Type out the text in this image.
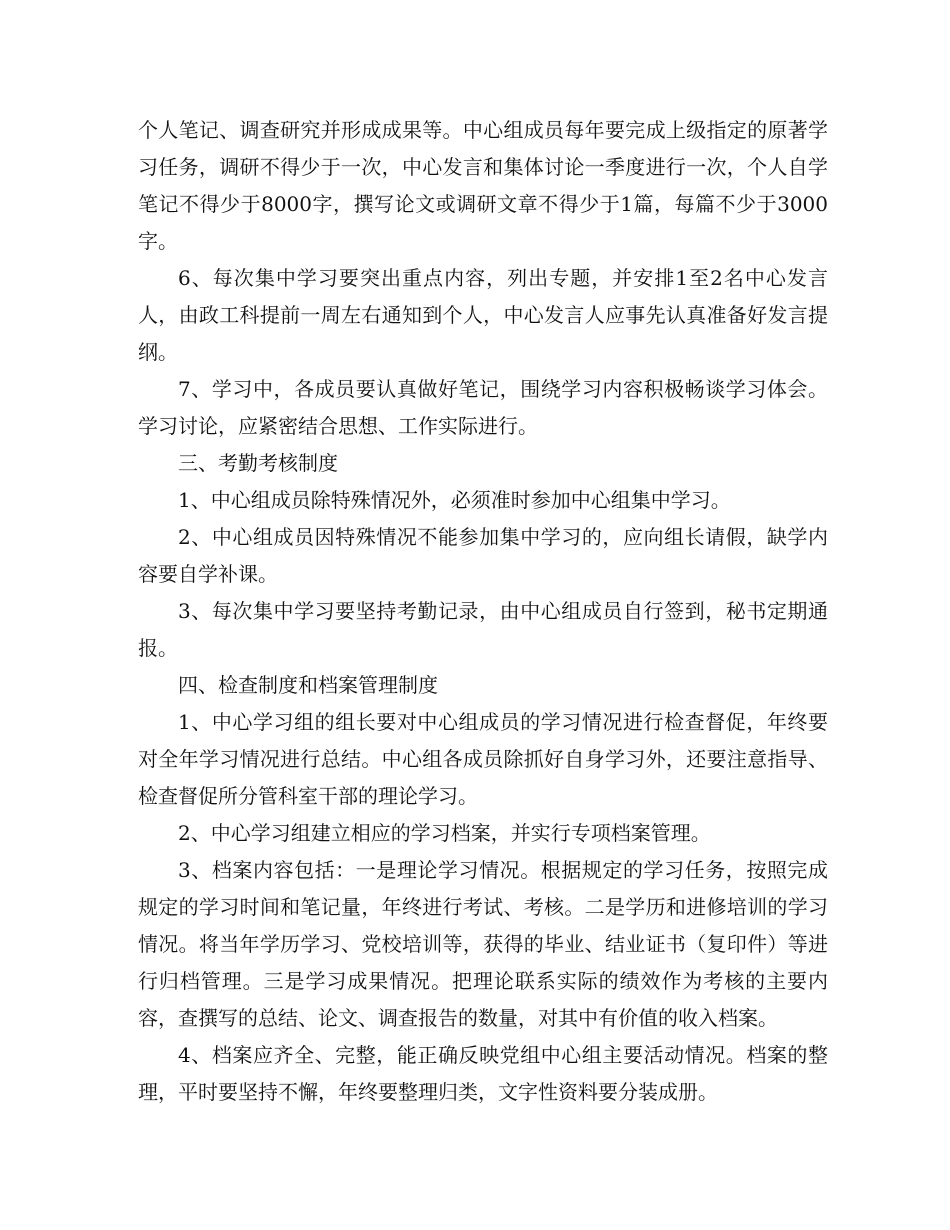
个人笔记、调查研究并形成成果等。中心组成员每年要完成上级指定的原著学习任务，调研不得少于一次，中心发言和集体讨论一季度进行一次，个人自学笔记不得少于8000字，撰写论文或调研文章不得少于1篇，每篇不少于3000字。

6、每次集中学习要突出重点内容，列出专题，并安排1至2名中心发言人，由政工科提前一周左右通知到个人，中心发言人应事先认真准备好发言提纲。

7、学习中，各成员要认真做好笔记，围绕学习内容积极畅谈学习体会。学习讨论，应紧密结合思想、工作实际进行。

三、考勤考核制度

1、中心组成员除特殊情况外，必须准时参加中心组集中学习。

2、中心组成员因特殊情况不能参加集中学习的，应向组长请假，缺学内容要自学补课。

3、每次集中学习要坚持考勤记录，由中心组成员自行签到，秘书定期通报。

四、检查制度和档案管理制度

1、中心学习组的组长要对中心组成员的学习情况进行检查督促，年终要对全年学习情况进行总结。中心组各成员除抓好自身学习外，还要注意指导、检查督促所分管科室干部的理论学习。

2、中心学习组建立相应的学习档案，并实行专项档案管理。

3、档案内容包括：一是理论学习情况。根据规定的学习任务，按照完成规定的学习时间和笔记量，年终进行考试、考核。二是学历和进修培训的学习情况。将当年学历学习、党校培训等，获得的毕业、结业证书（复印件）等进行归档管理。三是学习成果情况。把理论联系实际的绩效作为考核的主要内容，查撰写的总结、论文、调查报告的数量，对其中有价值的收入档案。

4、档案应齐全、完整，能正确反映党组中心组主要活动情况。档案的整理，平时要坚持不懈，年终要整理归类，文字性资料要分装成册。
